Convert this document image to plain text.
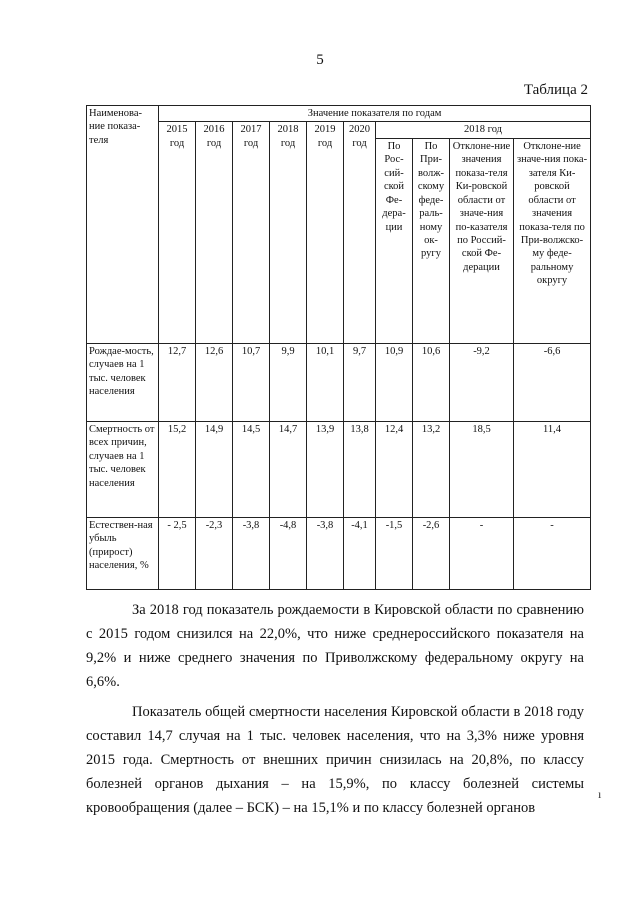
5
Таблица 2
Наименова-ние показа-теля	Значение показателя по годам									
	2015 год	2016 год	2017 год	2018 год	2019 год	2020 год	2018 год			
							По Рос-сий-ской Фе-дера-ции	По При-волж-скому феде-раль-ному ок-ругу	Отклоне-ние значения показа-теля Ки-ровской области от значе-ния по-казателя по Россий-ской Фе-дерации	Отклоне-ние значе-ния пока-зателя Ки-ровской области от значения показа-теля по При-волжско-му феде-ральному округу
Рождае-мость, случаев на 1 тыс. человек населения	12,7	12,6	10,7	9,9	10,1	9,7	10,9	10,6	-9,2	-6,6
Смертность от всех причин, случаев на 1 тыс. человек населения	15,2	14,9	14,5	14,7	13,9	13,8	12,4	13,2	18,5	11,4
Естествен-ная убыль (прирост) населения, %	- 2,5	-2,3	-3,8	-4,8	-3,8	-4,1	-1,5	-2,6	-	-

За 2018 год показатель рождаемости в Кировской области по сравнению с 2015 годом снизился на 22,0%, что ниже среднероссийского показателя на 9,2% и ниже среднего значения по Приволжскому федеральному округу на 6,6%.

Показатель общей смертности населения Кировской области в 2018 году составил 14,7 случая на 1 тыс. человек населения, что на 3,3% ниже уровня 2015 года. Смертность от внешних причин снизилась на 20,8%, по классу болезней органов дыхания – на 15,9%, по классу болезней системы кровообращения (далее – БСК) – на 15,1% и по классу болезней органов

ı
